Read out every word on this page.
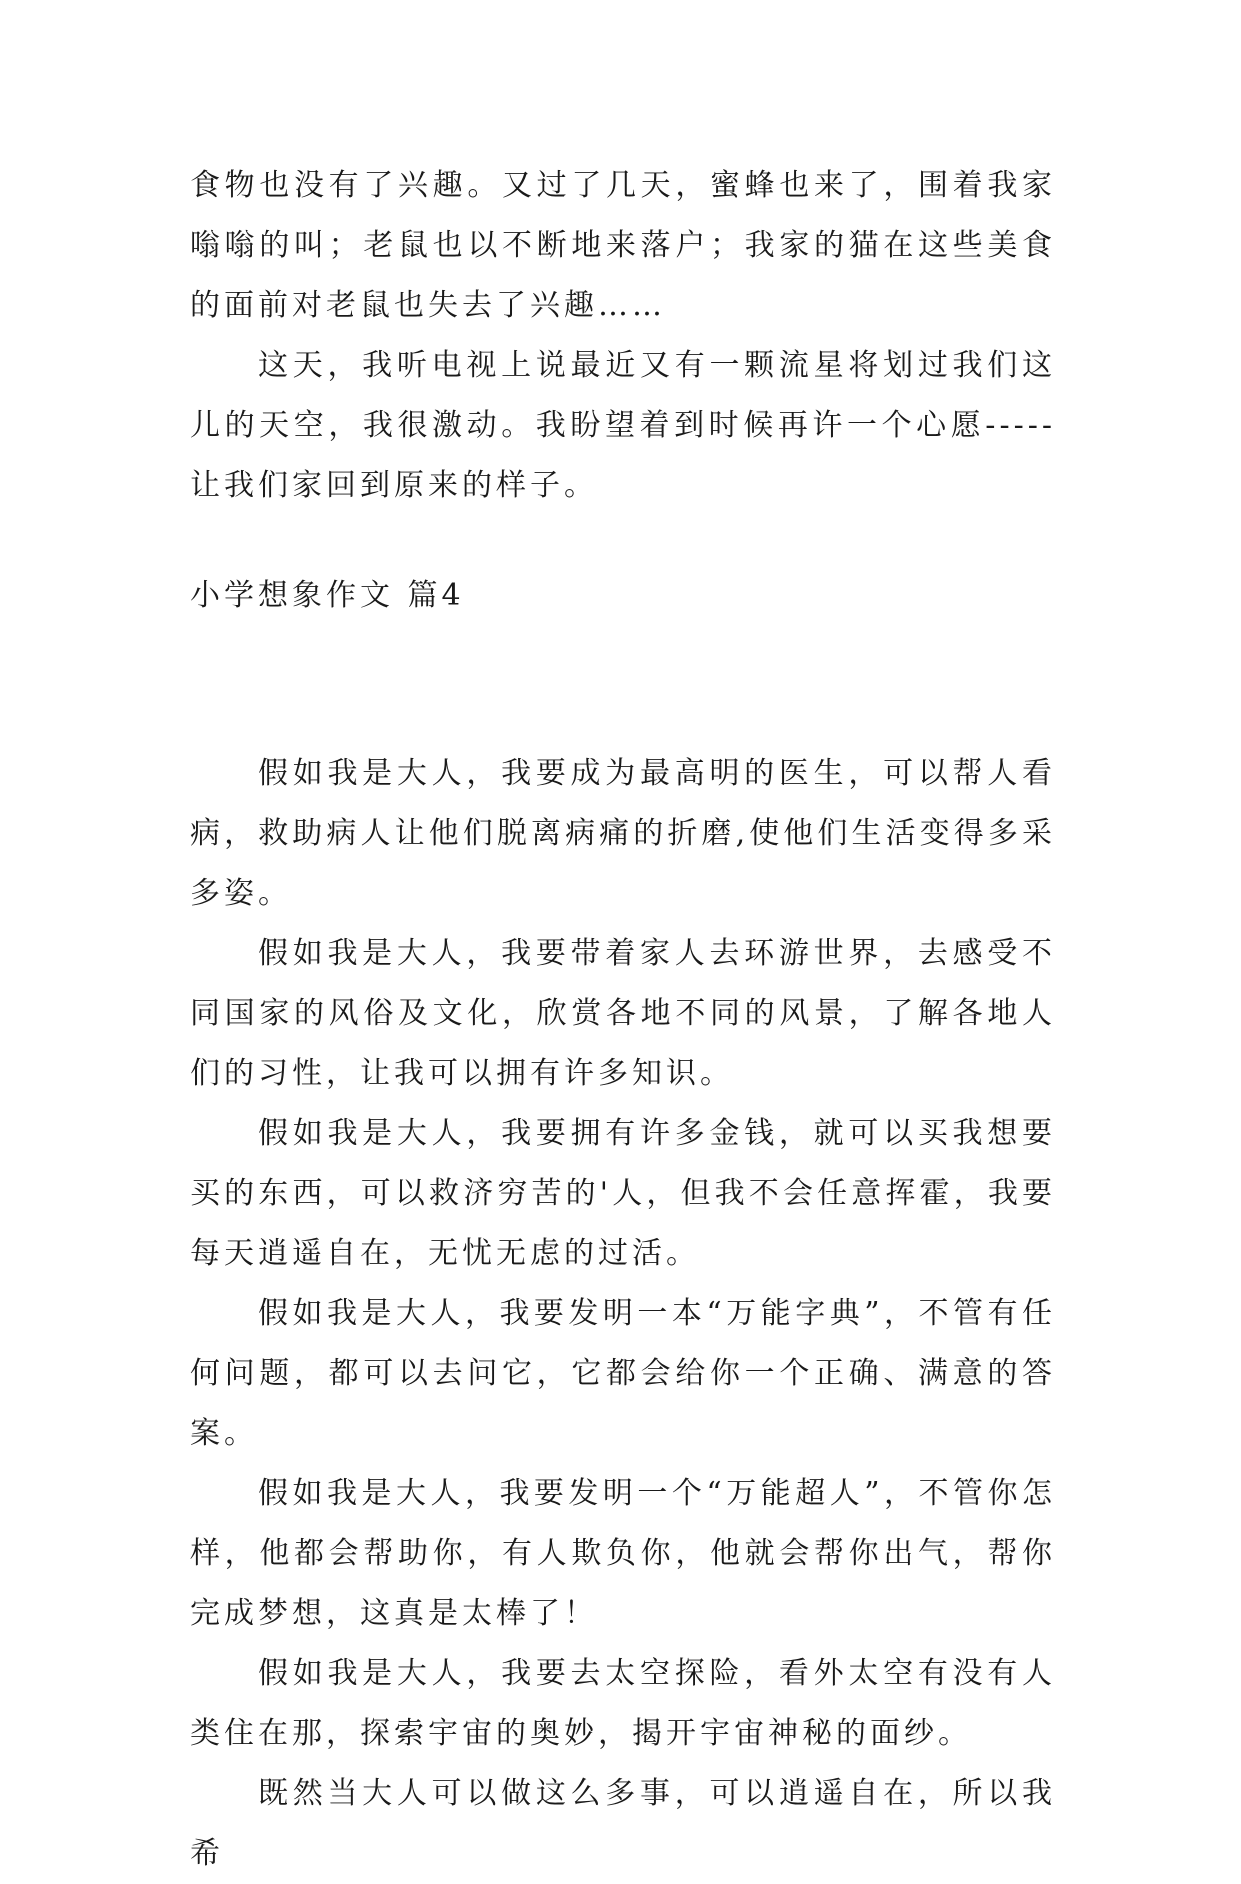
食物也没有了兴趣。又过了几天，蜜蜂也来了，围着我家嗡嗡的叫；老鼠也以不断地来落户；我家的猫在这些美食的面前对老鼠也失去了兴趣……

这天，我听电视上说最近又有一颗流星将划过我们这儿的天空，我很激动。我盼望着到时候再许一个心愿-----让我们家回到原来的样子。

小学想象作文 篇4

假如我是大人，我要成为最高明的医生，可以帮人看病，救助病人让他们脱离病痛的折磨,使他们生活变得多采多姿。

假如我是大人，我要带着家人去环游世界，去感受不同国家的风俗及文化，欣赏各地不同的风景，了解各地人们的习性，让我可以拥有许多知识。

假如我是大人，我要拥有许多金钱，就可以买我想要买的东西，可以救济穷苦的'人，但我不会任意挥霍，我要每天逍遥自在，无忧无虑的过活。

假如我是大人，我要发明一本“万能字典”，不管有任何问题，都可以去问它，它都会给你一个正确、满意的答案。

假如我是大人，我要发明一个“万能超人”，不管你怎样，他都会帮助你，有人欺负你，他就会帮你出气，帮你完成梦想，这真是太棒了！

假如我是大人，我要去太空探险，看外太空有没有人类住在那，探索宇宙的奥妙，揭开宇宙神秘的面纱。

既然当大人可以做这么多事，可以逍遥自在，所以我希
